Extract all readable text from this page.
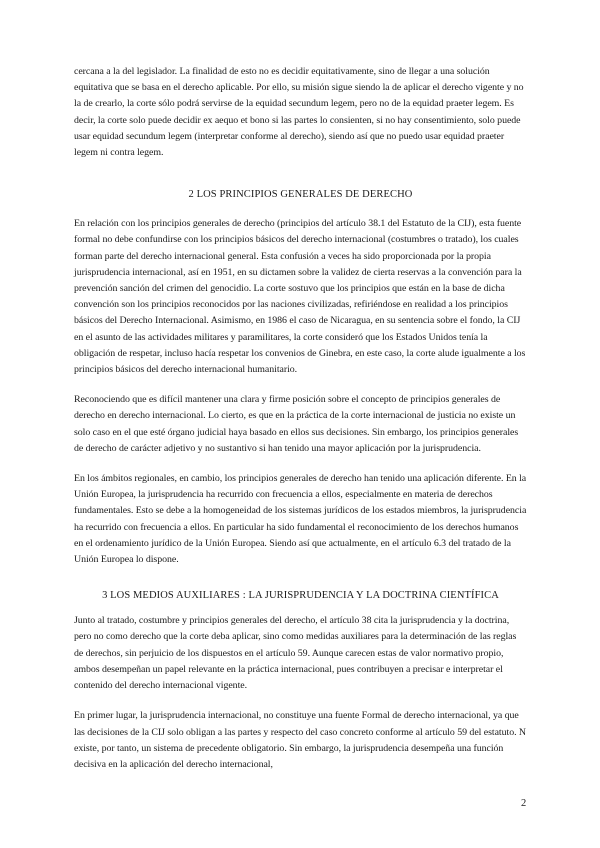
cercana a la del legislador. La finalidad de esto no es decidir equitativamente, sino de llegar a una solución equitativa que se basa en el derecho aplicable. Por ello, su misión sigue siendo la de aplicar el derecho vigente y no la de crearlo, la corte sólo podrá servirse de la equidad secundum legem, pero no de la equidad praeter legem. Es decir, la corte solo puede decidir ex aequo et bono si las partes lo consienten, si no hay consentimiento, solo puede usar equidad secundum legem (interpretar conforme al derecho), siendo así que no puedo usar equidad praeter legem ni contra legem.

2 LOS PRINCIPIOS GENERALES DE DERECHO

En relación con los principios generales de derecho (principios del artículo 38.1 del Estatuto de la CIJ), esta fuente formal no debe confundirse con los principios básicos del derecho internacional (costumbres o tratado), los cuales forman parte del derecho internacional general. Esta confusión a veces ha sido proporcionada por la propia jurisprudencia internacional, así en 1951, en su dictamen sobre la validez de cierta reservas a la convención para la prevención sanción del crimen del genocidio. La corte sostuvo que los principios que están en la base de dicha convención son los principios reconocidos por las naciones civilizadas, refiriéndose en realidad a los principios básicos del Derecho Internacional. Asimismo, en 1986 el caso de Nicaragua, en su sentencia sobre el fondo, la CIJ en el asunto de las actividades militares y paramilitares, la corte consideró que los Estados Unidos tenía la obligación de respetar, incluso hacía respetar los convenios de Ginebra, en este caso, la corte alude igualmente a los principios básicos del derecho internacional humanitario.

Reconociendo que es difícil mantener una clara y firme posición sobre el concepto de principios generales de derecho en derecho internacional. Lo cierto, es que en la práctica de la corte internacional de justicia no existe un solo caso en el que esté órgano judicial haya basado en ellos sus decisiones. Sin embargo, los principios generales de derecho de carácter adjetivo y no sustantivo si han tenido una mayor aplicación por la jurisprudencia.

En los ámbitos regionales, en cambio, los principios generales de derecho han tenido una aplicación diferente. En la Unión Europea, la jurisprudencia ha recurrido con frecuencia a ellos, especialmente en materia de derechos fundamentales. Esto se debe a la homogeneidad de los sistemas jurídicos de los estados miembros, la jurisprudencia ha recurrido con frecuencia a ellos. En particular ha sido fundamental el reconocimiento de los derechos humanos en el ordenamiento jurídico de la Unión Europea. Siendo así que actualmente, en el artículo 6.3 del tratado de la Unión Europea lo dispone.

3 LOS MEDIOS AUXILIARES : LA JURISPRUDENCIA Y LA DOCTRINA CIENTÍFICA

Junto al tratado, costumbre y principios generales del derecho, el artículo 38 cita la jurisprudencia y la doctrina, pero no como derecho que la corte deba aplicar, sino como medidas auxiliares para la determinación de las reglas de derechos, sin perjuicio de los dispuestos en el artículo 59. Aunque carecen estas de valor normativo propio, ambos desempeñan un papel relevante en la práctica internacional, pues contribuyen a precisar e interpretar el contenido del derecho internacional vigente.

En primer lugar, la jurisprudencia internacional, no constituye una fuente Formal de derecho internacional, ya que las decisiones de la CIJ solo obligan a las partes y respecto del caso concreto conforme al artículo 59 del estatuto. N existe, por tanto, un sistema de precedente obligatorio. Sin embargo, la jurisprudencia desempeña una función decisiva en la aplicación del derecho internacional,

2
